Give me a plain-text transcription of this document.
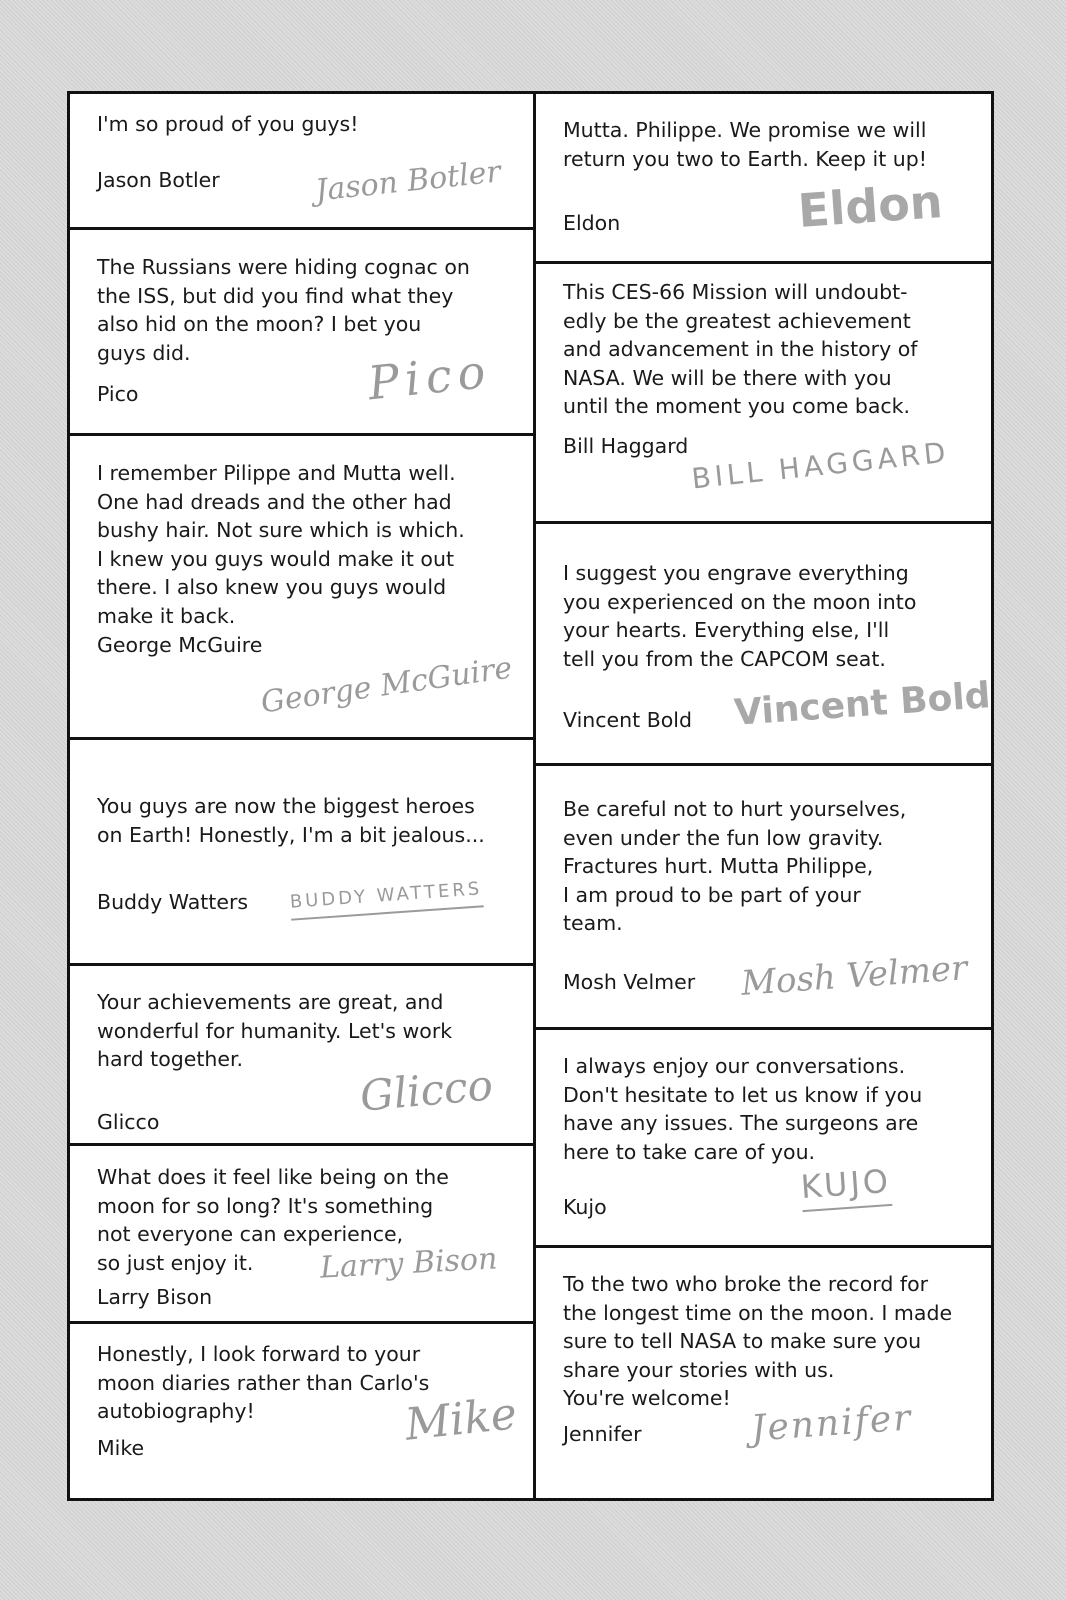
I'm so proud of you guys!
Jason Botler	Jason Botler
The Russians were hiding cognac on
the ISS, but did you find what they
also hid on the moon? I bet you
guys did.
Pico	Pico
I remember Pilippe and Mutta well.
One had dreads and the other had
bushy hair. Not sure which is which.
I knew you guys would make it out
there. I also knew you guys would
make it back.
George McGuire
George McGuire
You guys are now the biggest heroes
on Earth! Honestly, I'm a bit jealous...
Buddy Watters BUDDY WATTERS
Your achievements are great, and
wonderful for humanity. Let's work
hard together.
Glicco
Glicco
What does it feel like being on the
moon for so long? It's something
not everyone can experience,
so just enjoy it.
Larry Bison
Larry Bison
Honestly, I look forward to your
moon diaries rather than Carlo's
autobiography!
Mike	Mike
Mutta. Philippe. We promise we will
return you two to Earth. Keep it up!
Eldon	Eldon
This CES-66 Mission will undoubt-
edly be the greatest achievement
and advancement in the history of
NASA. We will be there with you
until the moment you come back.
Bill Haggard BILL HAGGARD
I suggest you engrave everything
you experienced on the moon into
your hearts. Everything else, I'll
tell you from the CAPCOM seat.
Vincent Bold Vincent Bold
Be careful not to hurt yourselves,
even under the fun low gravity.
Fractures hurt. Mutta Philippe,
I am proud to be part of your
team.
Mosh Velmer Mosh Velmer
I always enjoy our conversations.
Don't hesitate to let us know if you
have any issues. The surgeons are
here to take care of you.
Kujo
KUJO
To the two who broke the record for
the longest time on the moon. I made
sure to tell NASA to make sure you
share your stories with us.
You're welcome!
Jennifer	Jennifer
